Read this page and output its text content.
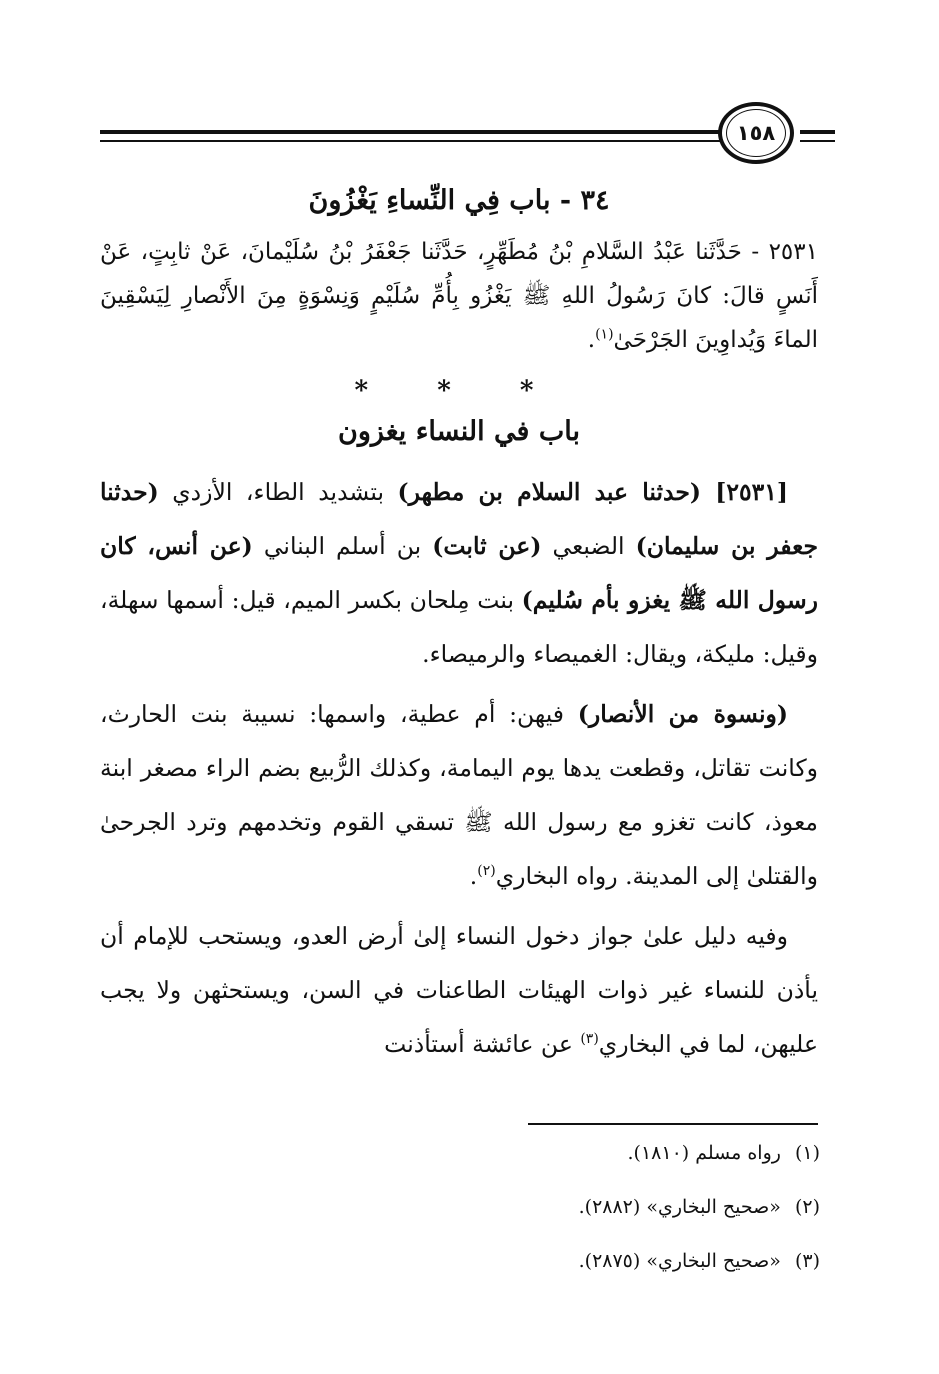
١٥٨
٣٤ - باب فِي النِّساءِ يَغْزُونَ

٢٥٣١ - حَدَّثَنا عَبْدُ السَّلامِ بْنُ مُطَهِّرٍ، حَدَّثَنا جَعْفَرُ بْنُ سُلَيْمانَ، عَنْ ثابِتٍ، عَنْ أَنَسٍ قالَ: كانَ رَسُولُ اللهِ ﷺ يَغْزُو بِأُمِّ سُلَيْمٍ وَنِسْوَةٍ مِنَ الأَنْصارِ لِيَسْقِينَ الماءَ وَيُداوِينَ الجَرْحَىٰ$^{(١)}$.

* * *
باب في النساء يغزون

[٢٥٣١] (حدثنا عبد السلام بن مطهر) بتشديد الطاء، الأزدي (حدثنا جعفر بن سليمان) الضبعي (عن ثابت) بن أسلم البناني (عن أنس، كان رسول الله ﷺ يغزو بأم سُليم) بنت مِلحان بكسر الميم، قيل: أسمها سهلة، وقيل: مليكة، ويقال: الغميصاء والرميصاء.

(ونسوة من الأنصار) فيهن: أم عطية، واسمها: نسيبة بنت الحارث، وكانت تقاتل، وقطعت يدها يوم اليمامة، وكذلك الرُّبيع بضم الراء مصغر ابنة معوذ، كانت تغزو مع رسول الله ﷺ تسقي القوم وتخدمهم وترد الجرحىٰ والقتلىٰ إلى المدينة. رواه البخاري$^{(٢)}$.

وفيه دليل علىٰ جواز دخول النساء إلىٰ أرض العدو، ويستحب للإمام أن يأذن للنساء غير ذوات الهيئات الطاعنات في السن، ويستحثهن ولا يجب عليهن، لما في البخاري$^{(٣)}$ عن عائشة أستأذنت

(١)رواه مسلم (١٨١٠).
(٢)«صحيح البخاري» (٢٨٨٢).
(٣)«صحيح البخاري» (٢٨٧٥).
